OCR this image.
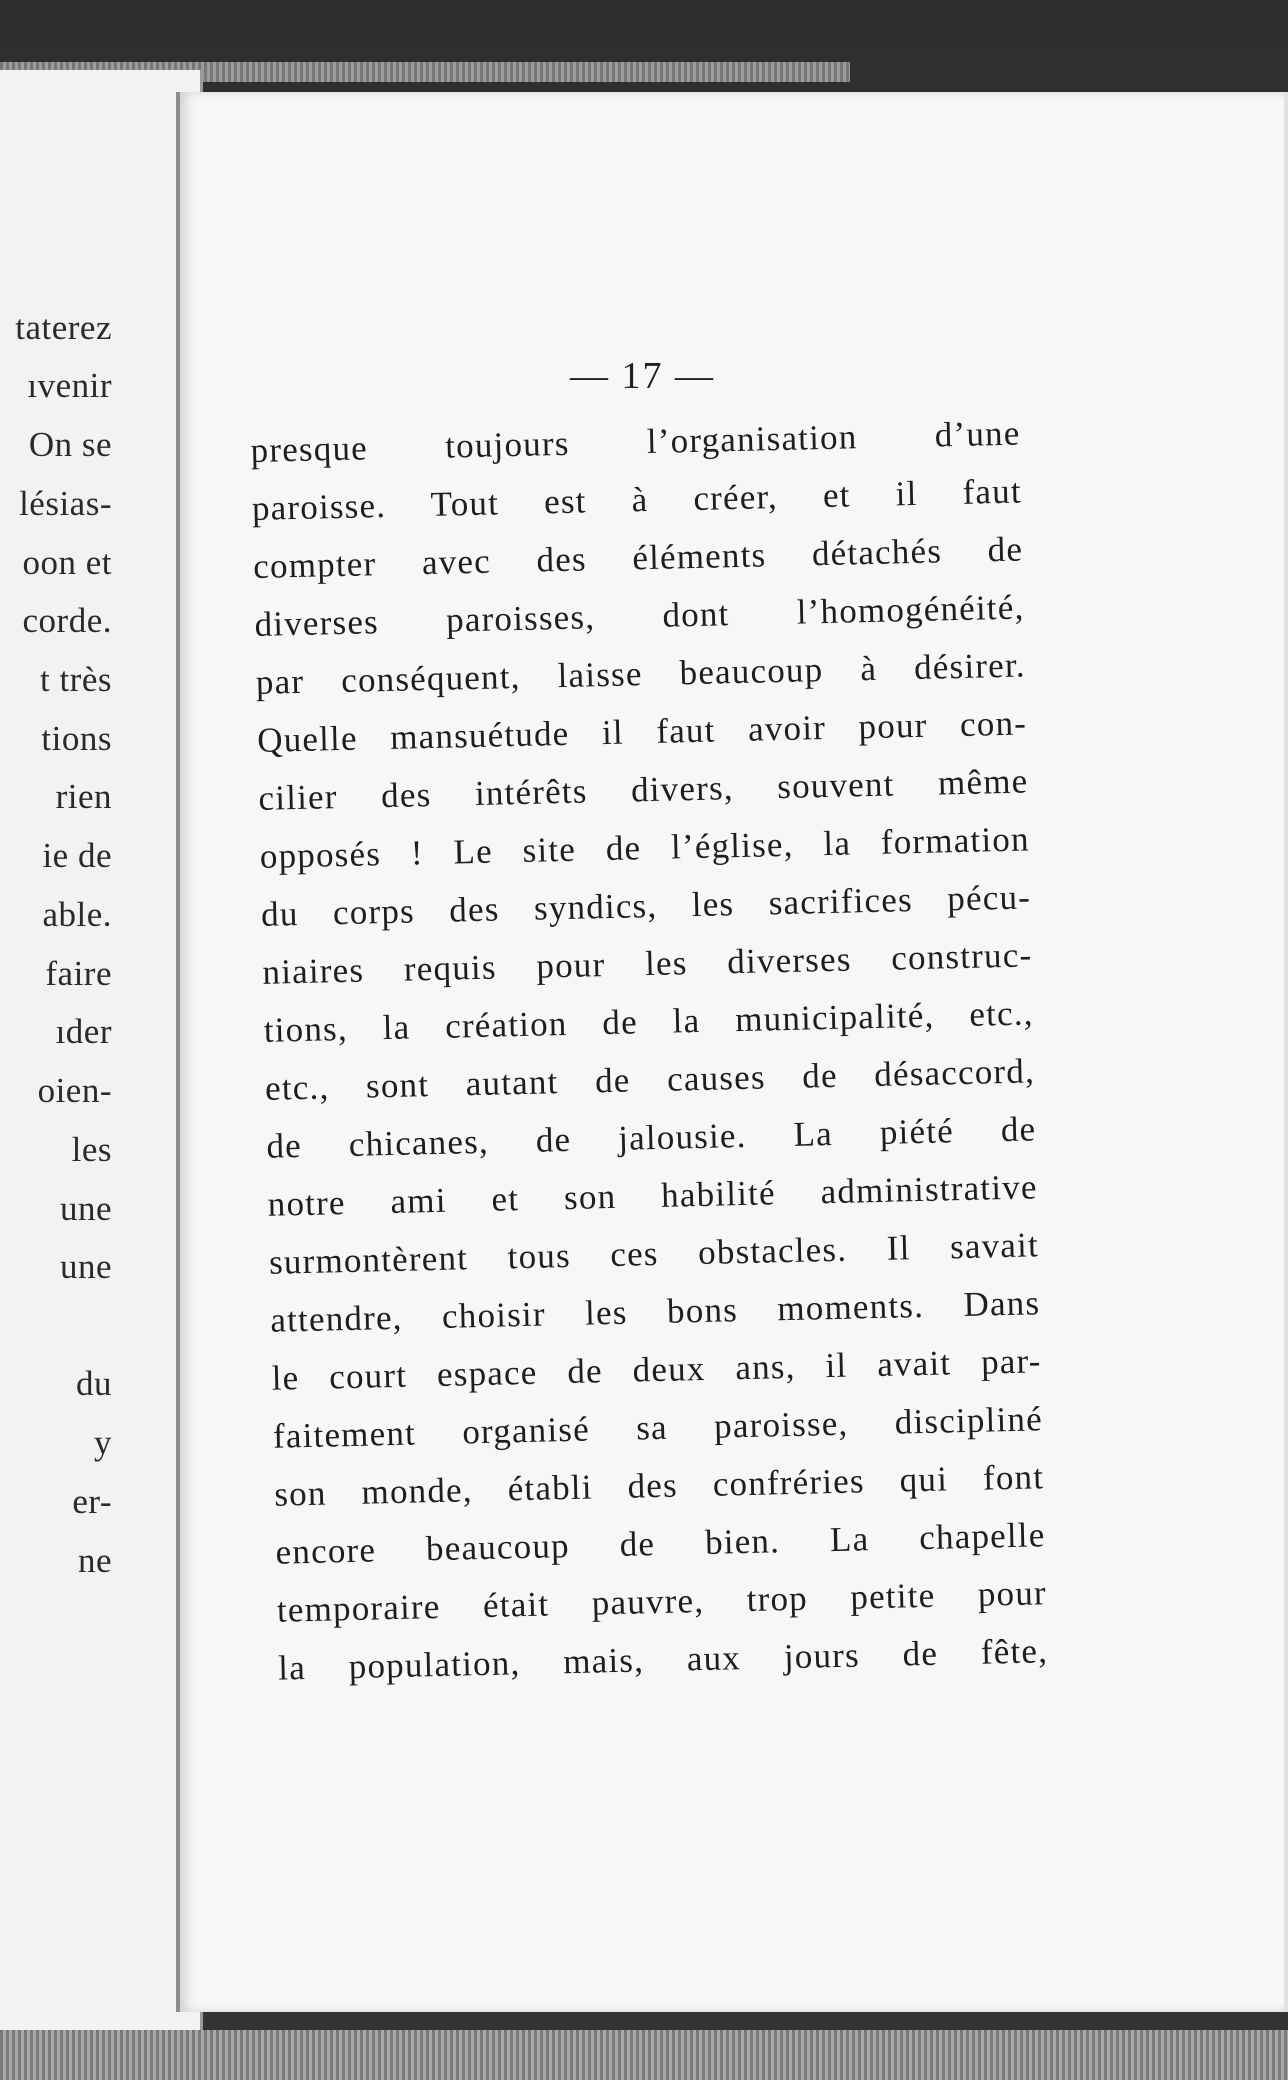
taterez
ıvenir
On se
lésias-
oon et
corde.
t très
tions
rien
ie de
able.
faire
ıder
oien-
les
une
une
du
y
er-
ne
— 17 —
presque toujours l’organisation d’une
paroisse. Tout est à créer, et il faut
compter avec des éléments détachés de
diverses paroisses, dont l’homogénéité,
par conséquent, laisse beaucoup à désirer.
Quelle mansuétude il faut avoir pour con-
cilier des intérêts divers, souvent même
opposés ! Le site de l’église, la formation
du corps des syndics, les sacrifices pécu-
niaires requis pour les diverses construc-
tions, la création de la municipalité, etc.,
etc., sont autant de causes de désaccord,
de chicanes, de jalousie. La piété de
notre ami et son habilité administrative
surmontèrent tous ces obstacles. Il savait
attendre, choisir les bons moments. Dans
le court espace de deux ans, il avait par-
faitement organisé sa paroisse, discipliné
son monde, établi des confréries qui font
encore beaucoup de bien. La chapelle
temporaire était pauvre, trop petite pour
la population, mais, aux jours de fête,
